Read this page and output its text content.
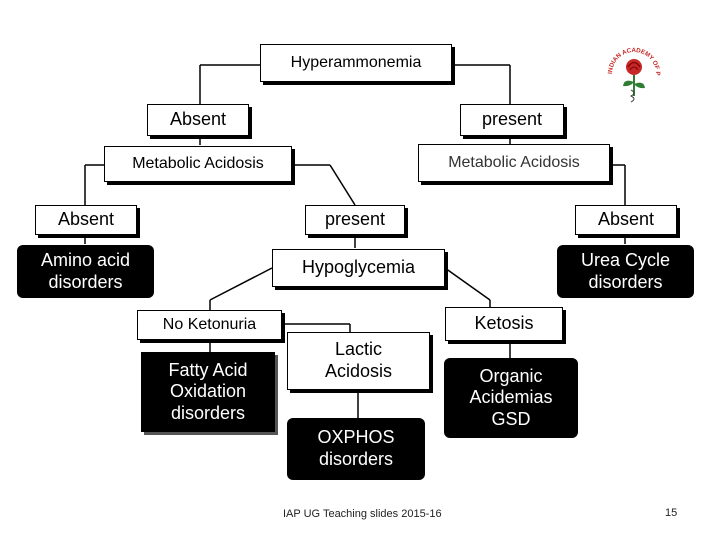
Hyperammonemia
Absent	present
Metabolic Acidosis	Metabolic Acidosis
Absent	present	Absent
Amino acid
disorders
Hypoglycemia	Urea Cycle
disorders
No Ketonuria	Ketosis
Fatty Acid
Oxidation
disorders
Lactic
Acidosis	Organic
Acidemias
GSD
OXPHOS
disorders
INDIAN ACADEMY OF P
IAP UG Teaching slides 2015-16	15
